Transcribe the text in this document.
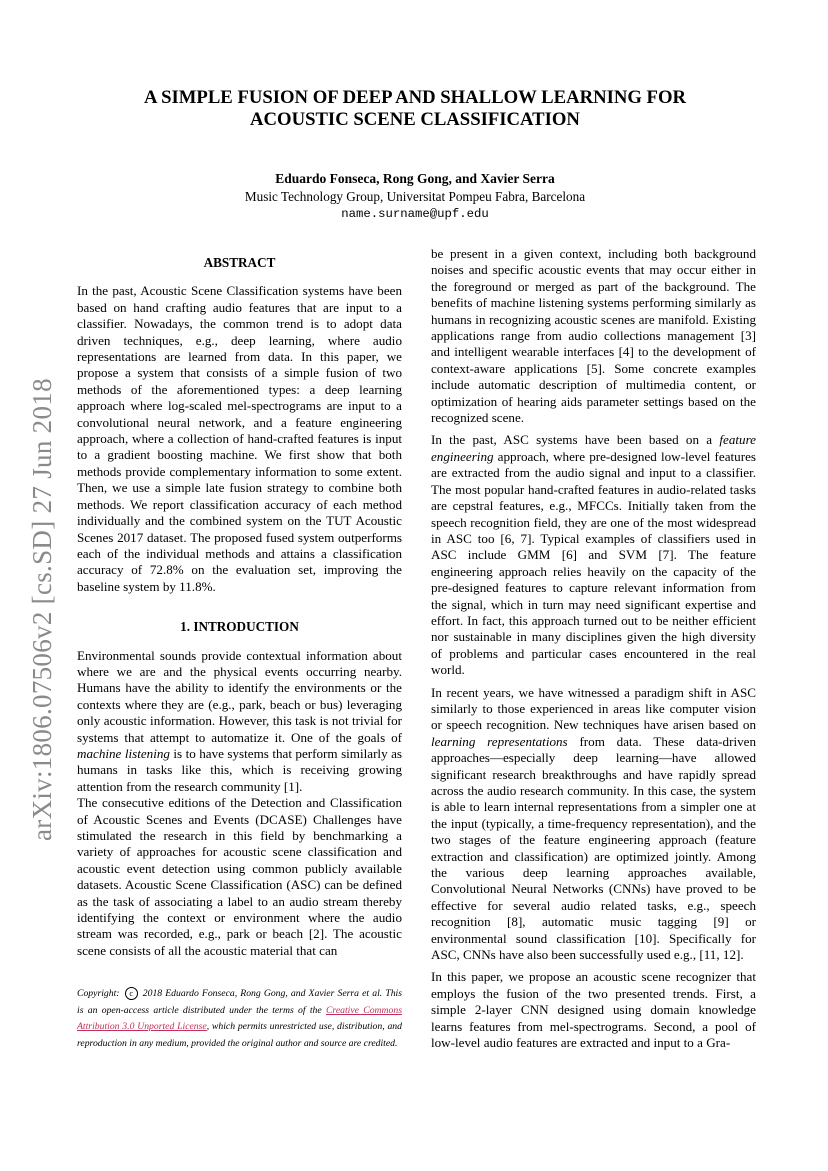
arXiv:1806.07506v2 [cs.SD] 27 Jun 2018
A SIMPLE FUSION OF DEEP AND SHALLOW LEARNING FOR
ACOUSTIC SCENE CLASSIFICATION
Eduardo Fonseca, Rong Gong, and Xavier Serra
Music Technology Group, Universitat Pompeu Fabra, Barcelona
name.surname@upf.edu
ABSTRACT

In the past, Acoustic Scene Classification systems have been based on hand crafting audio features that are input to a classifier. Nowadays, the common trend is to adopt data driven techniques, e.g., deep learning, where audio representations are learned from data. In this paper, we propose a system that consists of a simple fusion of two methods of the aforementioned types: a deep learning approach where log-scaled mel-spectrograms are input to a convolutional neural network, and a feature engineering approach, where a collection of hand-crafted features is input to a gradient boosting machine. We first show that both methods provide complementary information to some extent. Then, we use a simple late fusion strategy to combine both methods. We report classification accuracy of each method individually and the combined system on the TUT Acoustic Scenes 2017 dataset. The proposed fused system outperforms each of the individual methods and attains a classification accuracy of 72.8% on the evaluation set, improving the baseline system by 11.8%.

1. INTRODUCTION

Environmental sounds provide contextual information about where we are and the physical events occurring nearby. Humans have the ability to identify the environments or the contexts where they are (e.g., park, beach or bus) leveraging only acoustic information. However, this task is not trivial for systems that attempt to automatize it. One of the goals of machine listening is to have systems that perform similarly as humans in tasks like this, which is receiving growing attention from the research community [1].

The consecutive editions of the Detection and Classification of Acoustic Scenes and Events (DCASE) Challenges have stimulated the research in this field by benchmarking a variety of approaches for acoustic scene classification and acoustic event detection using common publicly available datasets. Acoustic Scene Classification (ASC) can be defined as the task of associating a label to an audio stream thereby identifying the context or environment where the audio stream was recorded, e.g., park or beach [2]. The acoustic scene consists of all the acoustic material that can

Copyright: c 2018 Eduardo Fonseca, Rong Gong, and Xavier Serra et al. This is an open-access article distributed under the terms of the Creative Commons Attribution 3.0 Unported License, which permits unrestricted use, distribution, and reproduction in any medium, provided the original author and source are credited.

be present in a given context, including both background noises and specific acoustic events that may occur either in the foreground or merged as part of the background. The benefits of machine listening systems performing similarly as humans in recognizing acoustic scenes are manifold. Existing applications range from audio collections management [3] and intelligent wearable interfaces [4] to the development of context-aware applications [5]. Some concrete examples include automatic description of multimedia content, or optimization of hearing aids parameter settings based on the recognized scene.

In the past, ASC systems have been based on a feature engineering approach, where pre-designed low-level features are extracted from the audio signal and input to a classifier. The most popular hand-crafted features in audio-related tasks are cepstral features, e.g., MFCCs. Initially taken from the speech recognition field, they are one of the most widespread in ASC too [6, 7]. Typical examples of classifiers used in ASC include GMM [6] and SVM [7]. The feature engineering approach relies heavily on the capacity of the pre-designed features to capture relevant information from the signal, which in turn may need significant expertise and effort. In fact, this approach turned out to be neither efficient nor sustainable in many disciplines given the high diversity of problems and particular cases encountered in the real world.

In recent years, we have witnessed a paradigm shift in ASC similarly to those experienced in areas like computer vision or speech recognition. New techniques have arisen based on learning representations from data. These data-driven approaches—especially deep learning—have allowed significant research breakthroughs and have rapidly spread across the audio research community. In this case, the system is able to learn internal representations from a simpler one at the input (typically, a time-frequency representation), and the two stages of the feature engineering approach (feature extraction and classification) are optimized jointly. Among the various deep learning approaches available, Convolutional Neural Networks (CNNs) have proved to be effective for several audio related tasks, e.g., speech recognition [8], automatic music tagging [9] or environmental sound classification [10]. Specifically for ASC, CNNs have also been successfully used e.g., [11, 12].

In this paper, we propose an acoustic scene recognizer that employs the fusion of the two presented trends. First, a simple 2-layer CNN designed using domain knowledge learns features from mel-spectrograms. Second, a pool of low-level audio features are extracted and input to a Gra-
